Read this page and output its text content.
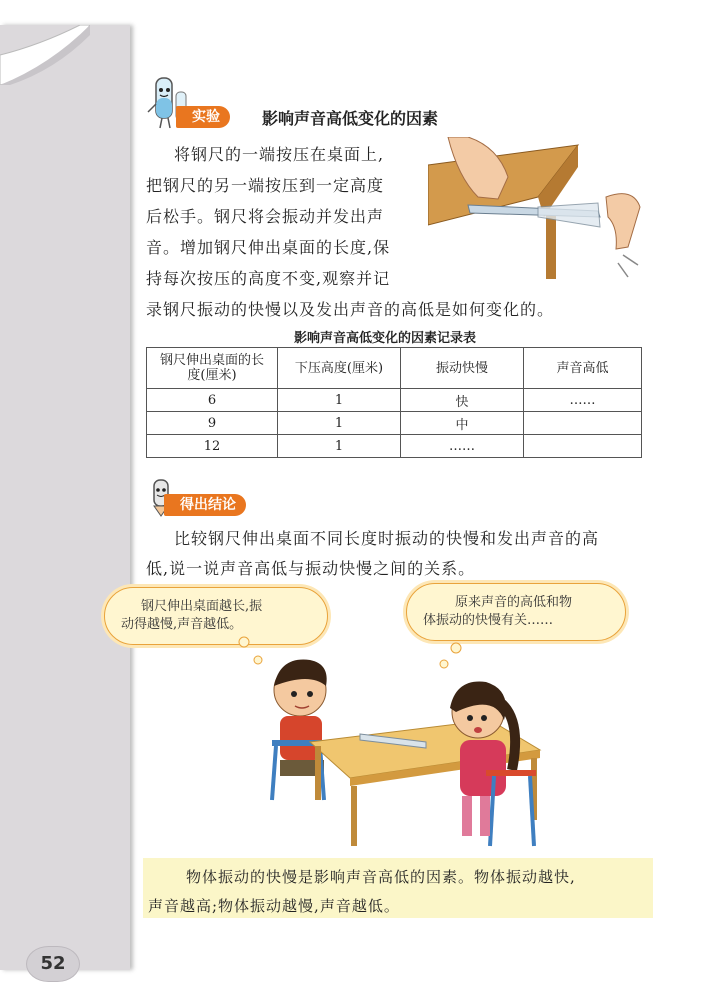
52
实验	影响声音高低变化的因素
将钢尺的一端按压在桌面上,
把钢尺的另一端按压到一定高度
后松手。钢尺将会振动并发出声
音。增加钢尺伸出桌面的长度,保
持每次按压的高度不变,观察并记
录钢尺振动的快慢以及发出声音的高低是如何变化的。
影响声音高低变化的因素记录表
钢尺伸出桌面的长度(厘米)	下压高度(厘米)	振动快慢	声音高低
6	1	快	……
9	1	中	
12	1	……	
得出结论
比较钢尺伸出桌面不同长度时振动的快慢和发出声音的高
低,说一说声音高低与振动快慢之间的关系。
钢尺伸出桌面越长,振
动得越慢,声音越低。
原来声音的高低和物
体振动的快慢有关……
物体振动的快慢是影响声音高低的因素。物体振动越快,
声音越高;物体振动越慢,声音越低。
